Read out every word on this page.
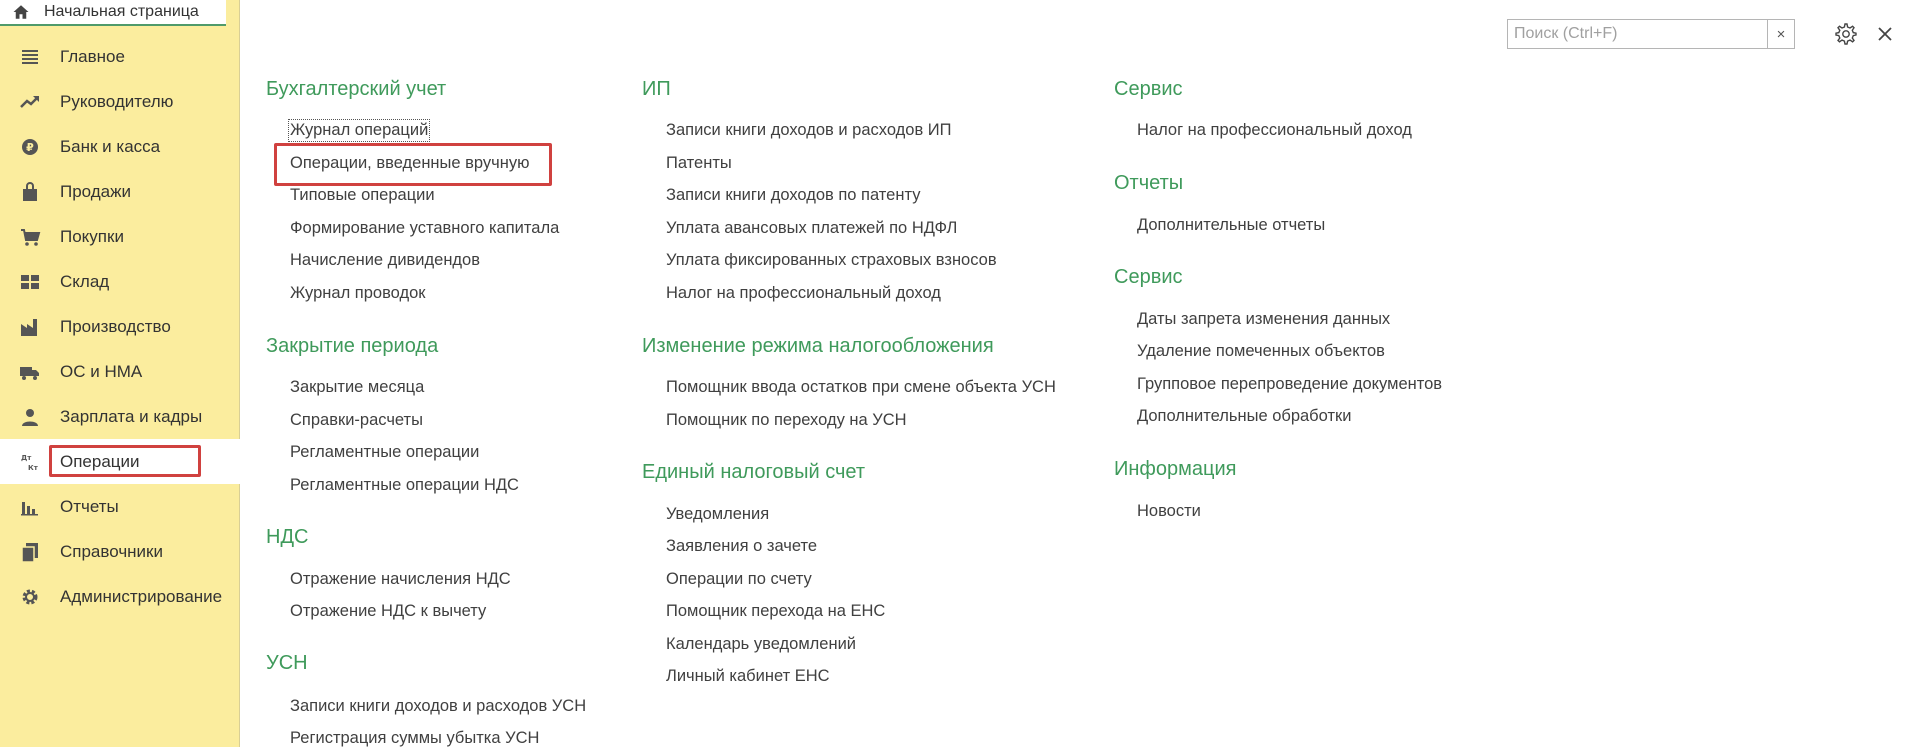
Начальная страница
Главное
Руководителю
₽ Банк и касса
Продажи
Покупки
Склад
Производство
ОС и НМА
Зарплата и кадры
Дт
Кт Операции
Отчеты
Справочники
Администрирование
Поиск (Ctrl+F)
×
Бухгалтерский учет
Журнал операций
Операции, введенные вручную
Типовые операции
Формирование уставного капитала
Начисление дивидендов
Журнал проводок
Закрытие периода
Закрытие месяца
Справки-расчеты
Регламентные операции
Регламентные операции НДС
НДС
Отражение начисления НДС
Отражение НДС к вычету
УСН
Записи книги доходов и расходов УСН
Регистрация суммы убытка УСН
ИП
Записи книги доходов и расходов ИП
Патенты
Записи книги доходов по патенту
Уплата авансовых платежей по НДФЛ
Уплата фиксированных страховых взносов
Налог на профессиональный доход
Изменение режима налогообложения
Помощник ввода остатков при смене объекта УСН
Помощник по переходу на УСН
Единый налоговый счет
Уведомления
Заявления о зачете
Операции по счету
Помощник перехода на ЕНС
Календарь уведомлений
Личный кабинет ЕНС
Сервис
Налог на профессиональный доход
Отчеты
Дополнительные отчеты
Сервис
Даты запрета изменения данных
Удаление помеченных объектов
Групповое перепроведение документов
Дополнительные обработки
Информация
Новости
